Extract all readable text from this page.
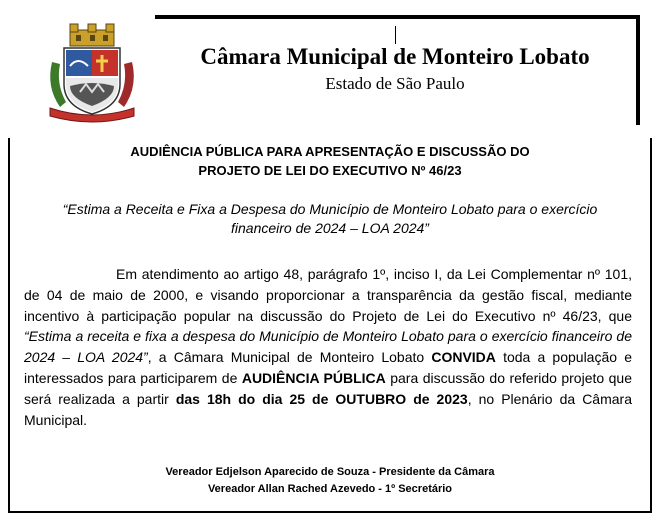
Câmara Municipal de Monteiro Lobato
Estado de São Paulo
AUDIÊNCIA PÚBLICA PARA APRESENTAÇÃO E DISCUSSÃO DO
PROJETO DE LEI DO EXECUTIVO Nº 46/23
“Estima a Receita e Fixa a Despesa do Município de Monteiro Lobato para o exercício
financeiro de 2024 – LOA 2024”
Em atendimento ao artigo 48, parágrafo 1º, inciso I, da Lei Complementar nº 101, de 04 de maio de 2000, e visando proporcionar a transparência da gestão fiscal, mediante incentivo à participação popular na discussão do Projeto de Lei do Executivo nº 46/23, que “Estima a receita e fixa a despesa do Município de Monteiro Lobato para o exercício financeiro de 2024 – LOA 2024”, a Câmara Municipal de Monteiro Lobato CONVIDA toda a população e interessados para participarem de AUDIÊNCIA PÚBLICA para discussão do referido projeto que será realizada a partir das 18h do dia 25 de OUTUBRO de 2023, no Plenário da Câmara Municipal.
Vereador Edjelson Aparecido de Souza - Presidente da Câmara
Vereador Allan Rached Azevedo - 1º Secretário
